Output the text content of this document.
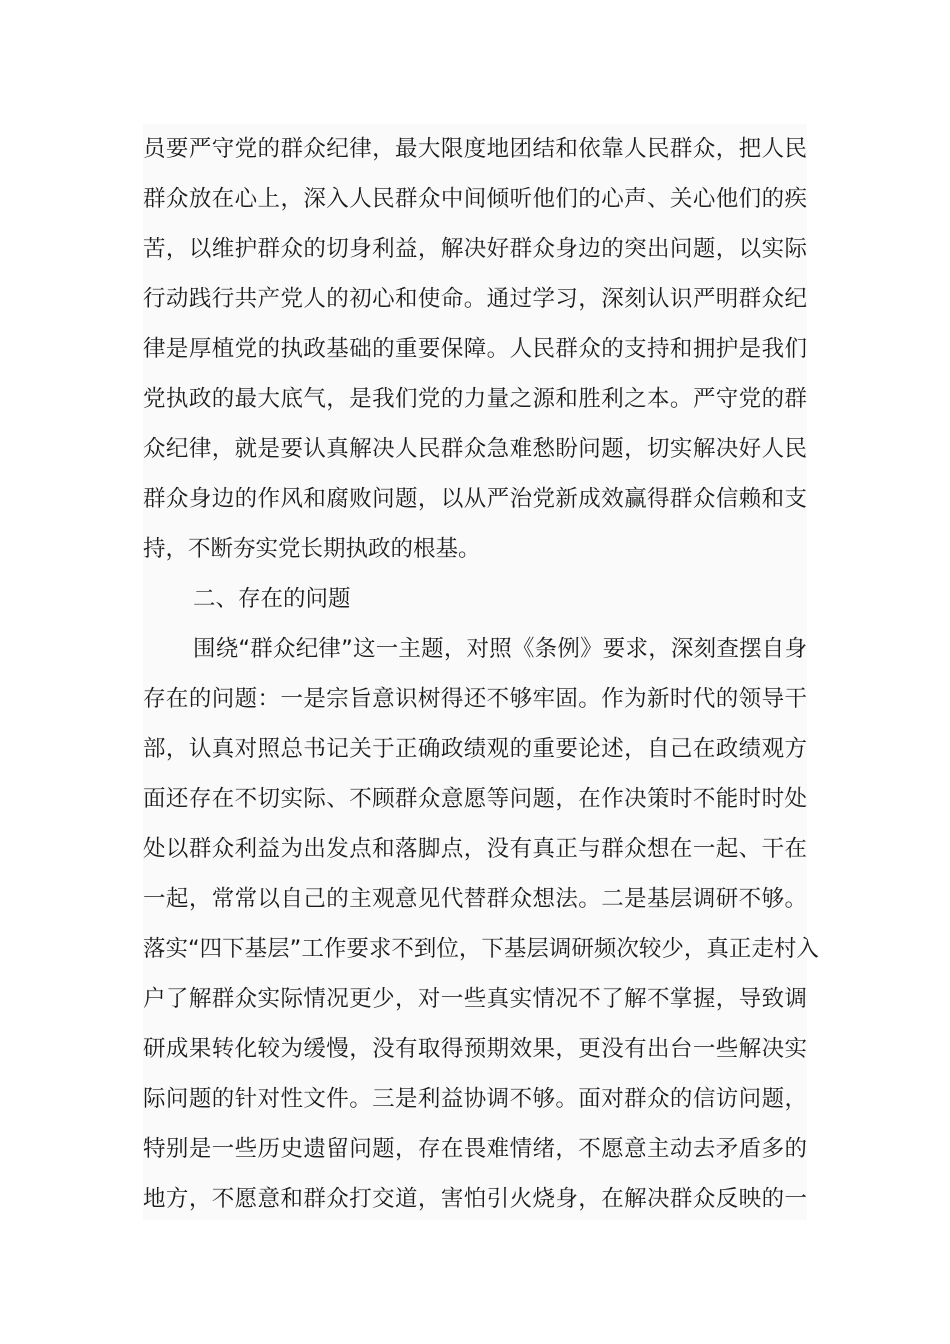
员要严守党的群众纪律，最大限度地团结和依靠人民群众，把人民
群众放在心上，深入人民群众中间倾听他们的心声、关心他们的疾
苦，以维护群众的切身利益，解决好群众身边的突出问题，以实际
行动践行共产党人的初心和使命。通过学习，深刻认识严明群众纪
律是厚植党的执政基础的重要保障。人民群众的支持和拥护是我们
党执政的最大底气，是我们党的力量之源和胜利之本。严守党的群
众纪律，就是要认真解决人民群众急难愁盼问题，切实解决好人民
群众身边的作风和腐败问题，以从严治党新成效赢得群众信赖和支
持，不断夯实党长期执政的根基。
二、存在的问题
围绕“群众纪律”这一主题，对照《条例》要求，深刻查摆自身
存在的问题：一是宗旨意识树得还不够牢固。作为新时代的领导干
部，认真对照总书记关于正确政绩观的重要论述，自己在政绩观方
面还存在不切实际、不顾群众意愿等问题，在作决策时不能时时处
处以群众利益为出发点和落脚点，没有真正与群众想在一起、干在
一起，常常以自己的主观意见代替群众想法。二是基层调研不够。
落实“四下基层”工作要求不到位，下基层调研频次较少，真正走村入
户了解群众实际情况更少，对一些真实情况不了解不掌握，导致调
研成果转化较为缓慢，没有取得预期效果，更没有出台一些解决实
际问题的针对性文件。三是利益协调不够。面对群众的信访问题，
特别是一些历史遗留问题，存在畏难情绪，不愿意主动去矛盾多的
地方，不愿意和群众打交道，害怕引火烧身，在解决群众反映的一
